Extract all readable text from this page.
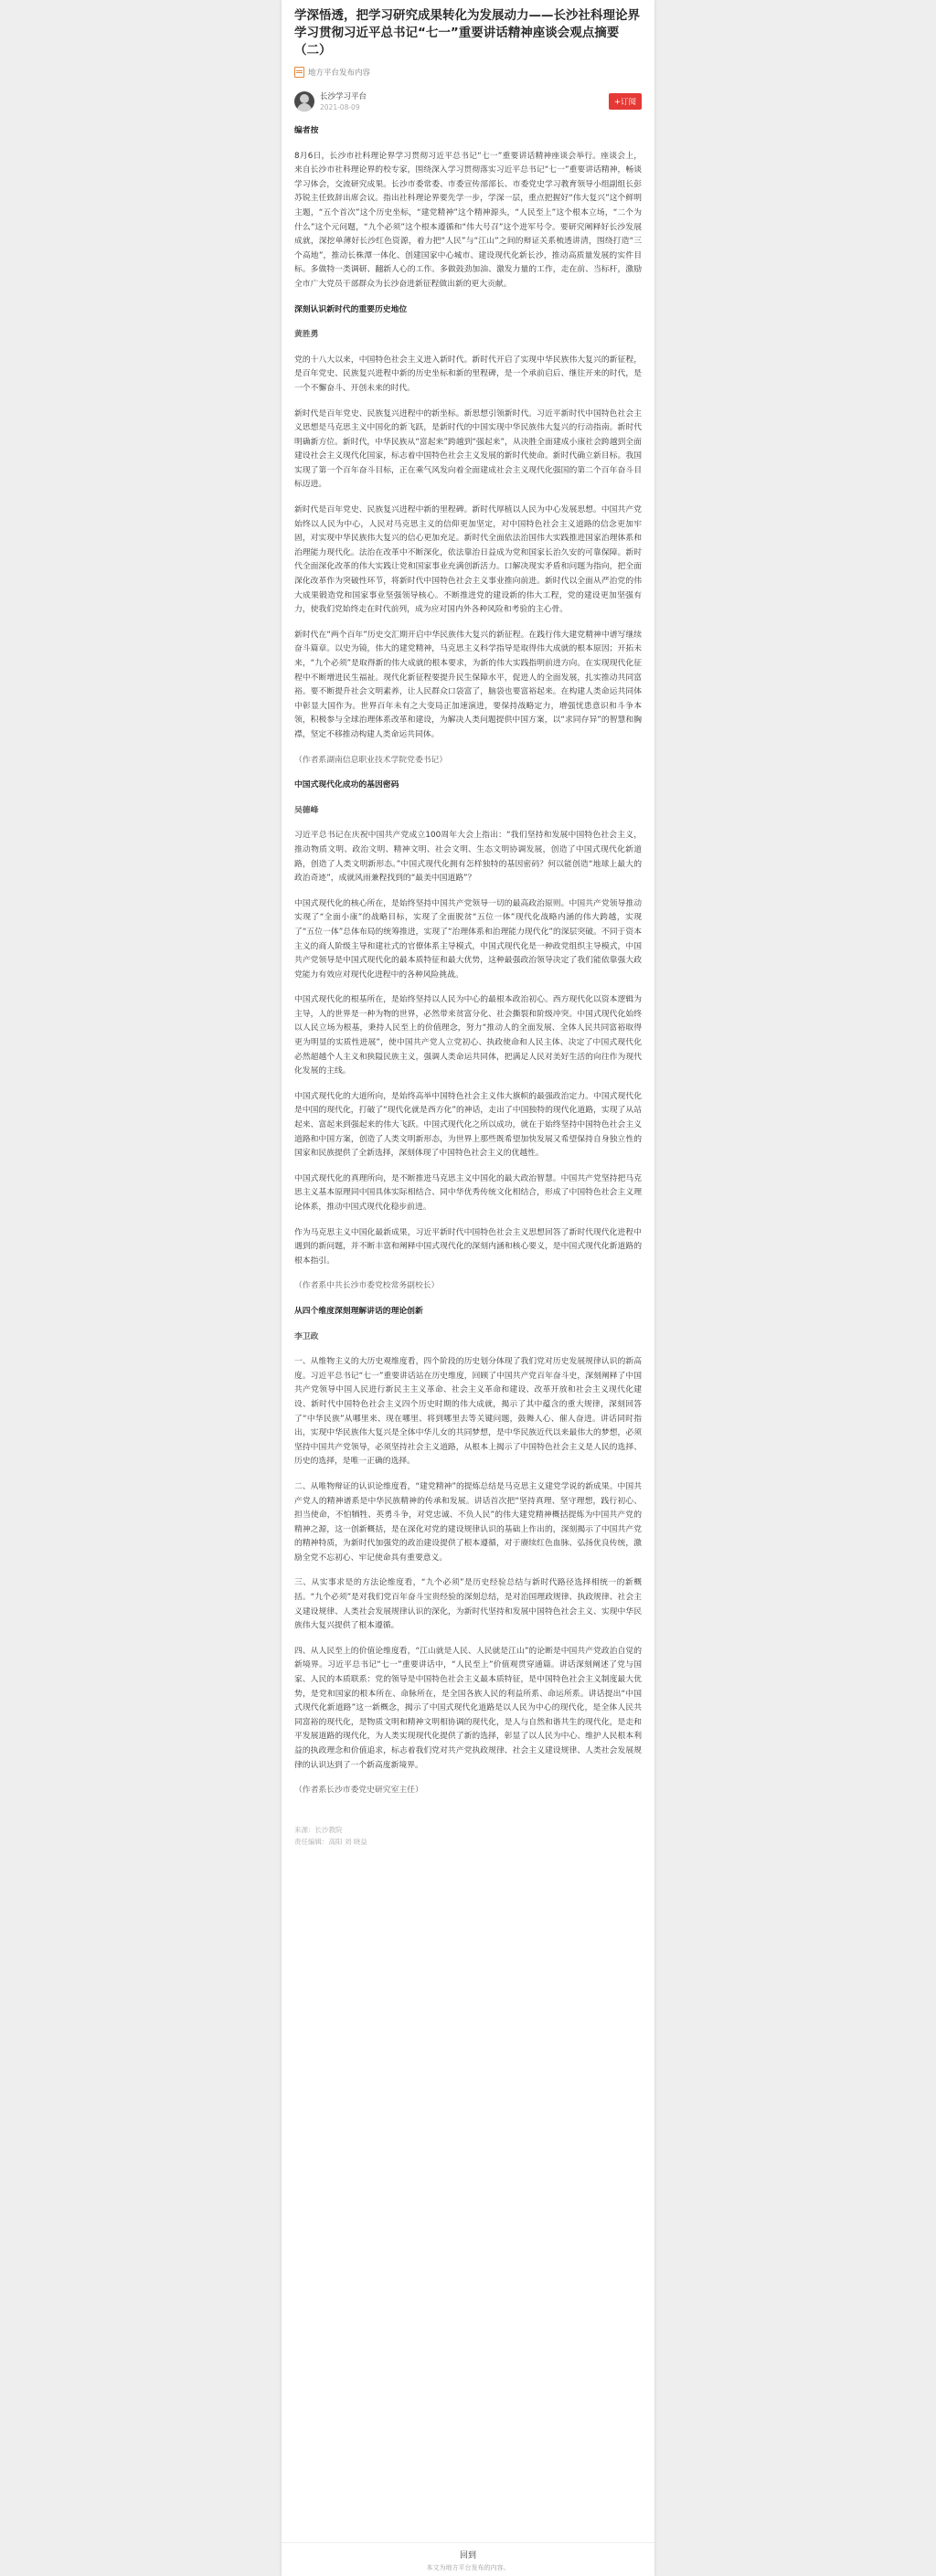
学深悟透，把学习研究成果转化为发展动力——长沙社科理论界学习贯彻习近平总书记“七一”重要讲话精神座谈会观点摘要（二）
地方平台发布内容
长沙学习平台
2021-08-09
+订阅

编者按

8月6日，长沙市社科理论界学习贯彻习近平总书记“七一”重要讲话精神座谈会举行。座谈会上，来自长沙市社科理论界的校专家，围绕深入学习贯彻落实习近平总书记“七一”重要讲话精神，畅谈学习体会，交流研究成果。长沙市委常委、市委宣传部部长、市委党史学习教育领导小组副组长彭苏锐主任致辞出席会议。指出社科理论界要先学一步，学深一层，重点把握好“伟大复兴”这个鲜明主题，“五个首次”这个历史坐标，“建党精神”这个精神源头，“人民至上”这个根本立场，“二个为什么”这个元问题，“九个必须”这个根本遵循和“伟大号召”这个进军号令。要研究阐释好长沙发展成就，深挖单薄好长沙红色资源，着力把“人民”与“江山”之间的辩证关系梳透讲清，围绕打造“三个高地”，推动长株潭一体化、创建国家中心城市、建设现代化新长沙，推动高质量发展的实件目标。多做特一类调研、翻新人心的工作。多做鼓劲加油、激发力量的工作，走在前、当标杆，激励全市广大党员干部群众为长沙奋进新征程做出新的更大贡献。

深刻认识新时代的重要历史地位

黄胜勇

党的十八大以来，中国特色社会主义进入新时代。新时代开启了实现中华民族伟大复兴的新征程，是百年党史、民族复兴进程中新的历史坐标和新的里程碑，是一个承前启后、继往开来的时代，是一个不懈奋斗、开创未来的时代。

新时代是百年党史、民族复兴进程中的新坐标。新思想引领新时代。习近平新时代中国特色社会主义思想是马克思主义中国化的新飞跃，是新时代的中国实现中华民族伟大复兴的行动指南。新时代明确新方位。新时代，中华民族从“富起来”跨越到“强起来”，从决胜全面建成小康社会跨越到全面建设社会主义现代化国家，标志着中国特色社会主义发展的新时代使命。新时代确立新目标。我国实现了第一个百年奋斗目标，正在乘气风发向着全面建成社会主义现代化强国的第二个百年奋斗目标迈进。

新时代是百年党史、民族复兴进程中新的里程碑。新时代厚植以人民为中心发展思想。中国共产党始终以人民为中心，人民对马克思主义的信仰更加坚定，对中国特色社会主义道路的信念更加牢固，对实现中华民族伟大复兴的信心更加充足。新时代全面依法治国伟大实践推进国家治理体系和治理能力现代化。法治在改革中不断深化，依法靠治日益成为党和国家长治久安的可靠保障。新时代全面深化改革的伟大实践让党和国家事业充满创新活力。口解决现实矛盾和问题为指向，把全面深化改革作为突破性环节，将新时代中国特色社会主义事业推向前进。新时代以全面从严治党的伟大成果锻造党和国家事业坚强领导核心。不断推进党的建设新的伟大工程，党的建设更加坚强有力，使我们党始终走在时代前列，成为应对国内外各种风险和考验的主心骨。

新时代在“两个百年”历史交汇期开启中华民族伟大复兴的新征程。在践行伟大建党精神中谱写继续奋斗篇章。以史为镜，伟大的建党精神，马克思主义科学指导是取得伟大成就的根本原因；开拓未来，“九个必须”是取得新的伟大成就的根本要求，为新的伟大实践指明前进方向。在实现现代化征程中不断增进民生福祉。现代化新征程要提升民生保障水平，促进人的全面发展，扎实推动共同富裕。要不断提升社会文明素养，让人民群众口袋富了，脑袋也要富裕起来。在构建人类命运共同体中彰显大国作为。世界百年未有之大变局正加速演进，要保持战略定力，增强忧患意识和斗争本领，积极参与全球治理体系改革和建设，为解决人类问题提供中国方案，以“求同存异”的智慧和胸襟，坚定不移推动构建人类命运共同体。

（作者系湖南信息职业技术学院党委书记）

中国式现代化成功的基因密码

吴德峰

习近平总书记在庆祝中国共产党成立100周年大会上指出：“我们坚持和发展中国特色社会主义，推动物质文明、政治文明、精神文明、社会文明、生态文明协调发展，创造了中国式现代化新道路，创造了人类文明新形态。”中国式现代化拥有怎样独特的基因密码？何以能创造“地球上最大的政治奇迹”，成就风雨兼程找到的“最美中国道路”？

中国式现代化的核心所在，是始终坚持中国共产党领导一切的最高政治原则。中国共产党领导推动实现了“全面小康”的战略目标，实现了全面脱贫“五位一体”现代化战略内涵的伟大跨越，实现了“五位一体”总体布局的统筹推进，实现了“治理体系和治理能力现代化”的深层突破。不同于资本主义的商人阶级主导和建社式的官僚体系主导模式，中国式现代化是一种政党组织主导模式，中国共产党领导是中国式现代化的最本质特征和最大优势，这种最强政治领导决定了我们能依靠强大政党能力有效应对现代化进程中的各种风险挑战。

中国式现代化的根基所在，是始终坚持以人民为中心的最根本政治初心。西方现代化以资本逻辑为主导，人的世界是一种为物的世界，必然带来贫富分化、社会撕裂和阶级冲突。中国式现代化始终以人民立场为根基，秉持人民至上的价值理念，努力“推动人的全面发展、全体人民共同富裕取得更为明显的实质性进展”，使中国共产党人立党初心、执政使命和人民主体、决定了中国式现代化必然超越个人主义和狭隘民族主义，强调人类命运共同体，把满足人民对美好生活的向往作为现代化发展的主线。

中国式现代化的大道所向，是始终高举中国特色社会主义伟大旗帜的最强政治定力。中国式现代化是中国的现代化，打破了“现代化就是西方化”的神话，走出了中国独特的现代化道路，实现了从站起来、富起来到强起来的伟大飞跃。中国式现代化之所以成功，就在于始终坚持中国特色社会主义道路和中国方案，创造了人类文明新形态，为世界上那些既希望加快发展又希望保持自身独立性的国家和民族提供了全新选择，深刻体现了中国特色社会主义的优越性。

中国式现代化的真理所向，是不断推进马克思主义中国化的最大政治智慧。中国共产党坚持把马克思主义基本原理同中国具体实际相结合、同中华优秀传统文化相结合，形成了中国特色社会主义理论体系，推动中国式现代化稳步前进。

作为马克思主义中国化最新成果，习近平新时代中国特色社会主义思想回答了新时代现代化进程中遇到的新问题，并不断丰富和阐释中国式现代化的深刻内涵和核心要义，是中国式现代化新道路的根本指引。

（作者系中共长沙市委党校常务副校长）

从四个维度深刻理解讲话的理论创新

李卫政

一、从维物主义的大历史观维度看，四个阶段的历史划分体现了我们党对历史发展规律认识的新高度。习近平总书记“七一”重要讲话站在历史维度，回顾了中国共产党百年奋斗史，深刻阐释了中国共产党领导中国人民进行新民主主义革命、社会主义革命和建设、改革开放和社会主义现代化建设、新时代中国特色社会主义四个历史时期的伟大成就，揭示了其中蕴含的重大规律，深刻回答了“中华民族”从哪里来、现在哪里、将到哪里去等关键问题，鼓舞人心、催人奋进。讲话同时指出，实现中华民族伟大复兴是全体中华儿女的共同梦想，是中华民族近代以来最伟大的梦想，必须坚持中国共产党领导，必须坚持社会主义道路，从根本上揭示了中国特色社会主义是人民的选择、历史的选择，是唯一正确的选择。

二、从唯物辩证的认识论维度看，“建党精神”的提炼总结是马克思主义建党学说的新成果。中国共产党人的精神谱系是中华民族精神的传承和发展。讲话首次把“坚持真理、坚守理想，践行初心、担当使命，不怕牺牲、英勇斗争，对党忠诚、不负人民”的伟大建党精神概括提炼为中国共产党的精神之源，这一创新概括，是在深化对党的建设规律认识的基础上作出的，深刻揭示了中国共产党的精神特质，为新时代加强党的政治建设提供了根本遵循，对于赓续红色血脉、弘扬优良传统，激励全党不忘初心、牢记使命具有重要意义。

三、从实事求是的方法论维度看，“九个必须”是历史经验总结与新时代路径选择相统一的新概括。“九个必须”是对我们党百年奋斗宝贵经验的深刻总结，是对治国理政规律、执政规律、社会主义建设规律、人类社会发展规律认识的深化，为新时代坚持和发展中国特色社会主义、实现中华民族伟大复兴提供了根本遵循。

四、从人民至上的价值论维度看，“江山就是人民、人民就是江山”的论断是中国共产党政治自觉的新境界。习近平总书记“七一”重要讲话中，“人民至上”价值观贯穿通篇。讲话深刻阐述了党与国家、人民的本质联系：党的领导是中国特色社会主义最本质特征，是中国特色社会主义制度最大优势，是党和国家的根本所在、命脉所在，是全国各族人民的利益所系、命运所系。讲话提出“中国式现代化新道路”这一新概念，揭示了中国式现代化道路是以人民为中心的现代化，是全体人民共同富裕的现代化，是物质文明和精神文明相协调的现代化，是人与自然和谐共生的现代化，是走和平发展道路的现代化，为人类实现现代化提供了新的选择，彰显了以人民为中心、维护人民根本利益的执政理念和价值追求，标志着我们党对共产党执政规律、社会主义建设规律、人类社会发展规律的认识达到了一个新高度新境界。

（作者系长沙市委党史研究室主任）

来源：长沙教院
责任编辑：高阳 刘 晓益
回到
本文为地方平台发布的内容。
